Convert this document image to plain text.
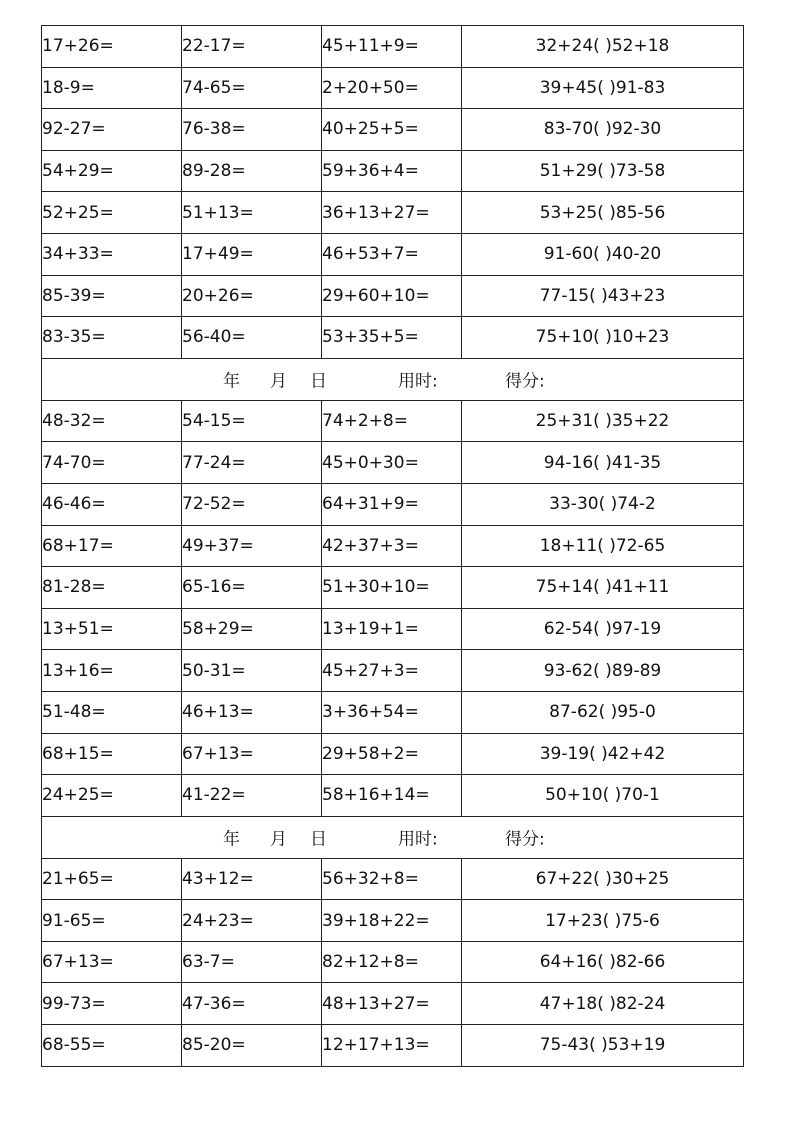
17+26=	22-17=	45+11+9=	32+24( )52+18
18-9=	74-65=	2+20+50=	39+45( )91-83
92-27=	76-38=	40+25+5=	83-70( )92-30
54+29=	89-28=	59+36+4=	51+29( )73-58
52+25=	51+13=	36+13+27=	53+25( )85-56
34+33=	17+49=	46+53+7=	91-60( )40-20
85-39=	20+26=	29+60+10=	77-15( )43+23
83-35=	56-40=	53+35+5=	75+10( )10+23

年 月 日 用时: 得分:			

48-32=	54-15=	74+2+8=	25+31( )35+22
74-70=	77-24=	45+0+30=	94-16( )41-35
46-46=	72-52=	64+31+9=	33-30( )74-2
68+17=	49+37=	42+37+3=	18+11( )72-65
81-28=	65-16=	51+30+10=	75+14( )41+11
13+51=	58+29=	13+19+1=	62-54( )97-19
13+16=	50-31=	45+27+3=	93-62( )89-89
51-48=	46+13=	3+36+54=	87-62( )95-0
68+15=	67+13=	29+58+2=	39-19( )42+42
24+25=	41-22=	58+16+14=	50+10( )70-1

年 月 日 用时: 得分:			

21+65=	43+12=	56+32+8=	67+22( )30+25
91-65=	24+23=	39+18+22=	17+23( )75-6
67+13=	63-7=	82+12+8=	64+16( )82-66
99-73=	47-36=	48+13+27=	47+18( )82-24
68-55=	85-20=	12+17+13=	75-43( )53+19
